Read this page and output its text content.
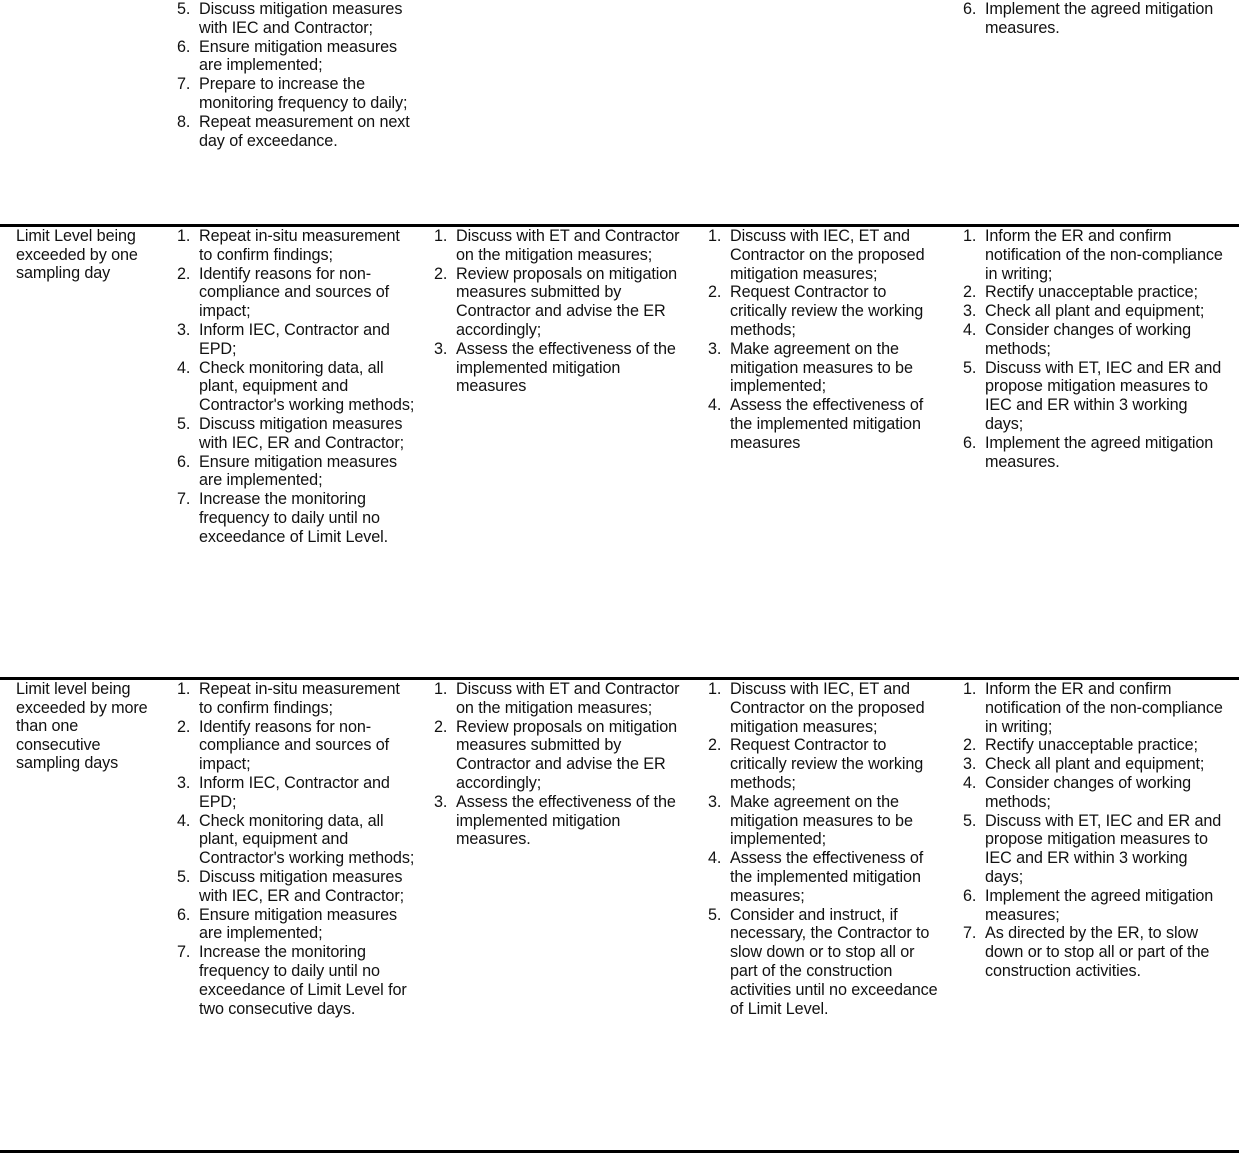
5. Discuss mitigation measures with IEC and Contractor;
6. Ensure mitigation measures are implemented;
7. Prepare to increase the monitoring frequency to daily;
8. Repeat measurement on next day of exceedance.
6. Implement the agreed mitigation measures.
Limit Level being exceeded by one sampling day
1. Repeat in-situ measurement to confirm findings;
2. Identify reasons for non-compliance and sources of impact;
3. Inform IEC, Contractor and EPD;
4. Check monitoring data, all plant, equipment and Contractor's working methods;
5. Discuss mitigation measures with IEC, ER and Contractor;
6. Ensure mitigation measures are implemented;
7. Increase the monitoring frequency to daily until no exceedance of Limit Level.
1. Discuss with ET and Contractor on the mitigation measures;
2. Review proposals on mitigation measures submitted by Contractor and advise the ER accordingly;
3. Assess the effectiveness of the implemented mitigation measures
1. Discuss with IEC, ET and Contractor on the proposed mitigation measures;
2. Request Contractor to critically review the working methods;
3. Make agreement on the mitigation measures to be implemented;
4. Assess the effectiveness of the implemented mitigation measures
1. Inform the ER and confirm notification of the non-compliance in writing;
2. Rectify unacceptable practice;
3. Check all plant and equipment;
4. Consider changes of working methods;
5. Discuss with ET, IEC and ER and propose mitigation measures to IEC and ER within 3 working days;
6. Implement the agreed mitigation measures.
Limit level being exceeded by more than one consecutive sampling days
1. Repeat in-situ measurement to confirm findings;
2. Identify reasons for non-compliance and sources of impact;
3. Inform IEC, Contractor and EPD;
4. Check monitoring data, all plant, equipment and Contractor's working methods;
5. Discuss mitigation measures with IEC, ER and Contractor;
6. Ensure mitigation measures are implemented;
7. Increase the monitoring frequency to daily until no exceedance of Limit Level for two consecutive days.
1. Discuss with ET and Contractor on the mitigation measures;
2. Review proposals on mitigation measures submitted by Contractor and advise the ER accordingly;
3. Assess the effectiveness of the implemented mitigation measures.
1. Discuss with IEC, ET and Contractor on the proposed mitigation measures;
2. Request Contractor to critically review the working methods;
3. Make agreement on the mitigation measures to be implemented;
4. Assess the effectiveness of the implemented mitigation measures;
5. Consider and instruct, if necessary, the Contractor to slow down or to stop all or part of the construction activities until no exceedance of Limit Level.
1. Inform the ER and confirm notification of the non-compliance in writing;
2. Rectify unacceptable practice;
3. Check all plant and equipment;
4. Consider changes of working methods;
5. Discuss with ET, IEC and ER and propose mitigation measures to IEC and ER within 3 working days;
6. Implement the agreed mitigation measures;
7. As directed by the ER, to slow down or to stop all or part of the construction activities.
